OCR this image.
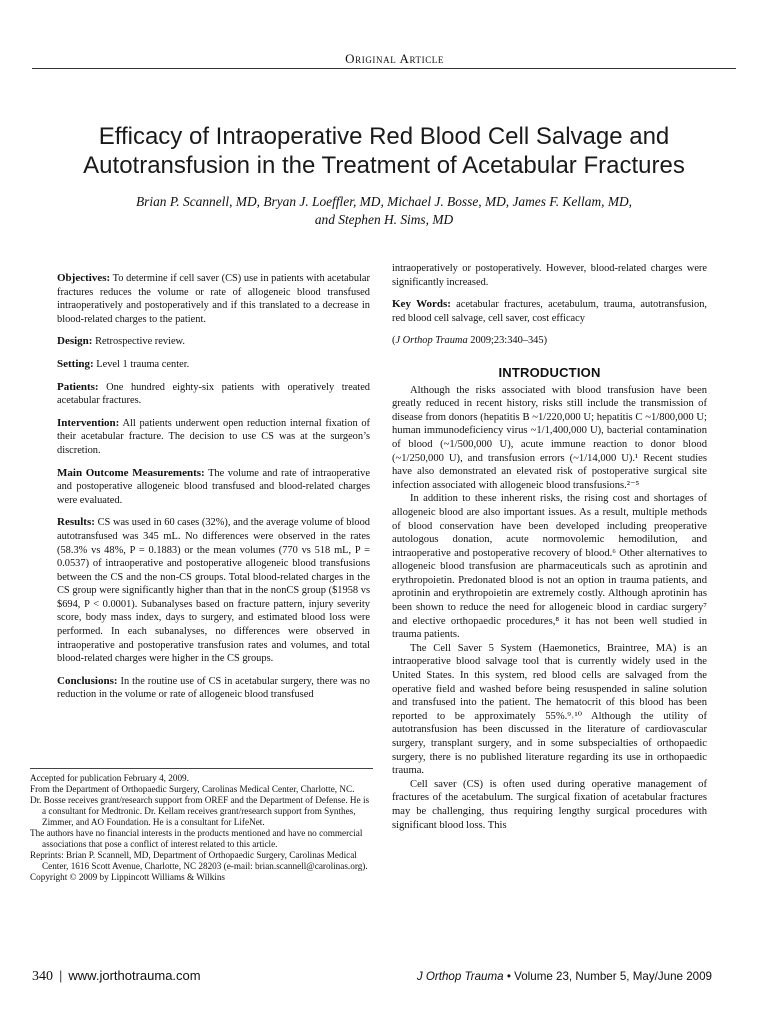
Original Article
Efficacy of Intraoperative Red Blood Cell Salvage and Autotransfusion in the Treatment of Acetabular Fractures
Brian P. Scannell, MD, Bryan J. Loeffler, MD, Michael J. Bosse, MD, James F. Kellam, MD,
and Stephen H. Sims, MD

Objectives: To determine if cell saver (CS) use in patients with acetabular fractures reduces the volume or rate of allogeneic blood transfused intraoperatively and postoperatively and if this translated to a decrease in blood-related charges to the patient.

Design: Retrospective review.

Setting: Level 1 trauma center.

Patients: One hundred eighty-six patients with operatively treated acetabular fractures.

Intervention: All patients underwent open reduction internal fixation of their acetabular fracture. The decision to use CS was at the surgeon’s discretion.

Main Outcome Measurements: The volume and rate of intraoperative and postoperative allogeneic blood transfused and blood-related charges were evaluated.

Results: CS was used in 60 cases (32%), and the average volume of blood autotransfused was 345 mL. No differences were observed in the rates (58.3% vs 48%, P = 0.1883) or the mean volumes (770 vs 518 mL, P = 0.0537) of intraoperative and postoperative allogeneic blood transfusions between the CS and the non-CS groups. Total blood-related charges in the CS group were significantly higher than that in the nonCS group ($1958 vs $694, P < 0.0001). Subanalyses based on fracture pattern, injury severity score, body mass index, days to surgery, and estimated blood loss were performed. In each subanalyses, no differences were observed in intraoperative and postoperative transfusion rates and volumes, and total blood-related charges were higher in the CS groups.

Conclusions: In the routine use of CS in acetabular surgery, there was no reduction in the volume or rate of allogeneic blood transfused

Accepted for publication February 4, 2009.

From the Department of Orthopaedic Surgery, Carolinas Medical Center, Charlotte, NC.

Dr. Bosse receives grant/research support from OREF and the Department of Defense. He is a consultant for Medtronic. Dr. Kellam receives grant/research support from Synthes, Zimmer, and AO Foundation. He is a consultant for LifeNet.

The authors have no financial interests in the products mentioned and have no commercial associations that pose a conflict of interest related to this article.

Reprints: Brian P. Scannell, MD, Department of Orthopaedic Surgery, Carolinas Medical Center, 1616 Scott Avenue, Charlotte, NC 28203 (e-mail: brian.scannell@carolinas.org).

Copyright © 2009 by Lippincott Williams & Wilkins

intraoperatively or postoperatively. However, blood-related charges were significantly increased.

Key Words: acetabular fractures, acetabulum, trauma, autotransfusion, red blood cell salvage, cell saver, cost efficacy

(J Orthop Trauma 2009;23:340–345)

INTRODUCTION

Although the risks associated with blood transfusion have been greatly reduced in recent history, risks still include the transmission of disease from donors (hepatitis B ~1/220,000 U; hepatitis C ~1/800,000 U; human immunodeficiency virus ~1/1,400,000 U), bacterial contamination of blood (~1/500,000 U), acute immune reaction to donor blood (~1/250,000 U), and transfusion errors (~1/14,000 U).¹ Recent studies have also demonstrated an elevated risk of postoperative surgical site infection associated with allogeneic blood transfusions.²⁻⁵

In addition to these inherent risks, the rising cost and shortages of allogeneic blood are also important issues. As a result, multiple methods of blood conservation have been developed including preoperative autologous donation, acute normovolemic hemodilution, and intraoperative and postoperative recovery of blood.⁶ Other alternatives to allogeneic blood transfusion are pharmaceuticals such as aprotinin and erythropoietin. Predonated blood is not an option in trauma patients, and aprotinin and erythropoietin are extremely costly. Although aprotinin has been shown to reduce the need for allogeneic blood in cardiac surgery⁷ and elective orthopaedic procedures,⁸ it has not been well studied in trauma patients.

The Cell Saver 5 System (Haemonetics, Braintree, MA) is an intraoperative blood salvage tool that is currently widely used in the United States. In this system, red blood cells are salvaged from the operative field and washed before being resuspended in saline solution and transfused into the patient. The hematocrit of this blood has been reported to be approximately 55%.⁹˒¹⁰ Although the utility of autotransfusion has been discussed in the literature of cardiovascular surgery, transplant surgery, and in some subspecialties of orthopaedic surgery, there is no published literature regarding its use in orthopaedic trauma.

Cell saver (CS) is often used during operative management of fractures of the acetabulum. The surgical fixation of acetabular fractures may be challenging, thus requiring lengthy surgical procedures with significant blood loss. This

340 | www.jorthotrauma.com	J Orthop Trauma • Volume 23, Number 5, May/June 2009
